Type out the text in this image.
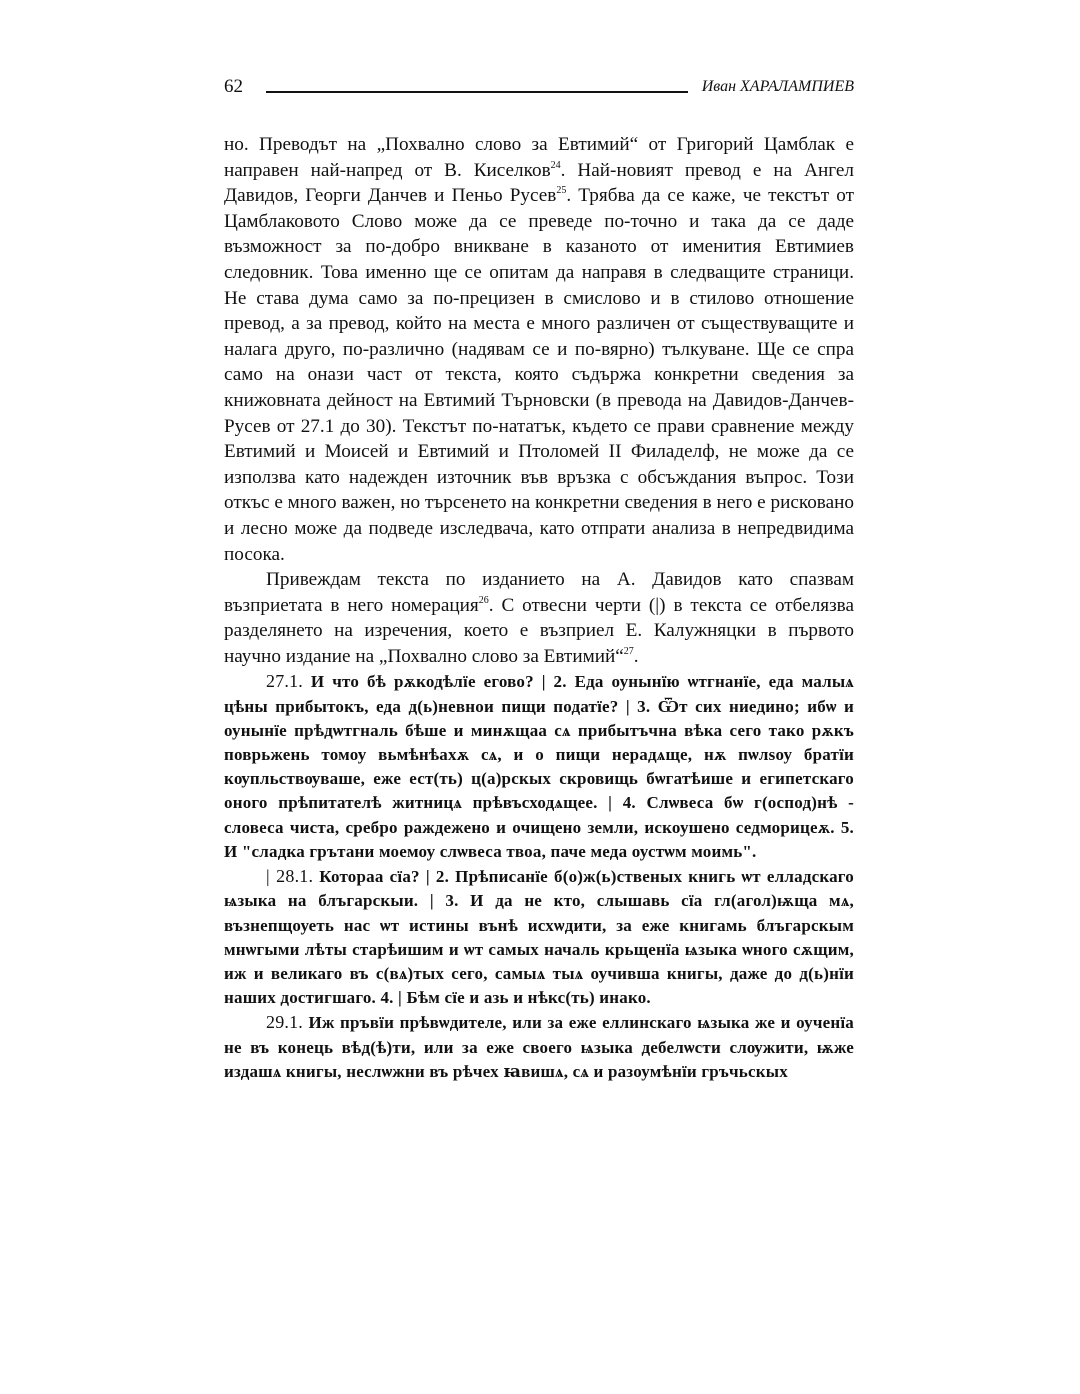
62	Иван ХАРАЛАМПИЕВ

но. Преводът на „Похвално слово за Евтимий“ от Григорий Цамблак е направен най-напред от В. Киселков$^{24}$. Най-новият превод е на Ангел Давидов, Георги Данчев и Пеньо Русев$^{25}$. Трябва да се каже, че текстът от Цамблаковото Слово може да се преведе по-точно и така да се даде възможност за по-добро вникване в казаното от именития Евтимиев следовник. Това именно ще се опитам да направя в следващите страници. Не става дума само за по-прецизен в смислово и в стилово отношение превод, а за превод, който на места е много различен от съществуващите и налага друго, по-различно (надявам се и по-вярно) тълкуване. Ще се спра само на онази част от текста, която съдържа конкретни сведения за книжовната дейност на Евтимий Търновски (в превода на Давидов-Данчев-Русев от 27.1 до 30). Текстът по-нататък, където се прави сравнение между Евтимий и Моисей и Евтимий и Птоломей II Филаделф, не може да се използва като надежден източник във връзка с обсъждания въпрос. Този откъс е много важен, но търсенето на конкретни сведения в него е рисковано и лесно може да подведе изследвача, като отпрати анализа в непредвидима посока.

Привеждам текста по изданието на А. Давидов като спазвам възприетата в него номерация$^{26}$. С отвесни черти (|) в текста се отбелязва разделянето на изречения, което е възприел Е. Калужняцки в първото научно издание на „Похвално слово за Евтимий“$^{27}$.

27.1. И что бѣ рѫкодѣлїе егово? | 2. Еда оунынїю ѡтгнанїе, еда малыѧ цѣны прибытокъ, еда д(ь)невнои пищи податїе? | 3. Ѿт сих ниедино; ибѡ и оунынїе прѣдѡтгналь бѣше и минѫщаа сѧ прибытъчна вѣка сего тако рѫкъ поврьжень томоу вьмѣнѣахѫ сѧ, и о пищи нерадѧще, нѫ пѡлѕоу братїи кѹпльствѹваше, еже ест(ть) ц(а)рскых скровищь бѡгатѣише и египетскаго оного прѣпитателѣ житницѧ прѣвъсходѧщее. | 4. Слѡвеса бѡ г(оспод)нѣ - словеса чиста, сребро раждежено и очищено земли, искоушено седморицеѫ. 5. И "сладка грътани моемоу слѡвеса твоа, паче меда оустѡм моимь".

| 28.1. Котораа сїа? | 2. Прѣписанїе б(о)ж(ь)ственых книгь ѡт елладскаго ѩзыка на блъгарскыи. | 3. И да не кто, слышавь сїа гл(агол)ѭща мѧ, възнепщоуеть нас ѡт истины вънѣ исхѡдити, за еже книгамь блъгарскым мнѡгыми лѣты старѣишим и ѡт самых началь крьщенїа ѩзыка ѡного сѫщим, иж и великаго въ с(вѧ)тых сего, самыѧ тыѧ оучивша книгы, даже до д(ь)нїи наших достигшаго. 4. | Бѣм сїе и азь и нѣкс(ть) инако.

29.1. Иж пръвїи прѣвѡдителе, или за еже еллинскаго ѩзыка же и оученїа не въ конець вѣд(ѣ)ти, или за еже своего ѩзыка дебелѡсти слѹжити, ѭже издашѧ книгы, неслѡжни въ рѣчех ꙗвишѧ, сѧ и разоумѣнїи гръчьскых
